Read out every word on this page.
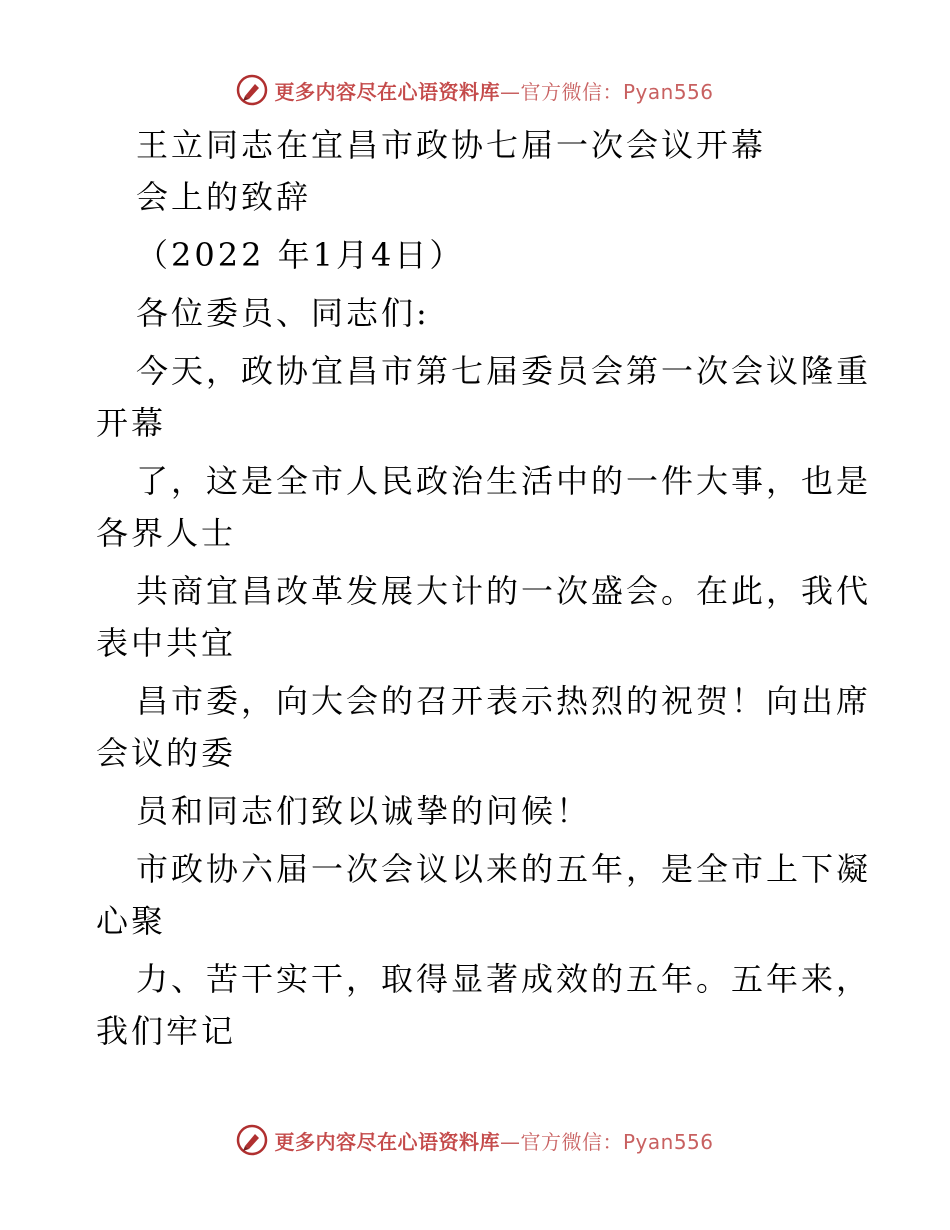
更多内容尽在心语资料库—官方微信：Pyan556
王立同志在宜昌市政协七届一次会议开幕
会上的致辞
（2022 年1月4日）
各位委员、同志们:
今天，政协宜昌市第七届委员会第一次会议隆重
开幕
了，这是全市人民政治生活中的一件大事，也是
各界人士
共商宜昌改革发展大计的一次盛会。在此，我代
表中共宜
昌市委，向大会的召开表示热烈的祝贺！向出席
会议的委
员和同志们致以诚挚的问候！
市政协六届一次会议以来的五年，是全市上下凝
心聚
力、苦干实干，取得显著成效的五年。五年来，
我们牢记
更多内容尽在心语资料库—官方微信：Pyan556
